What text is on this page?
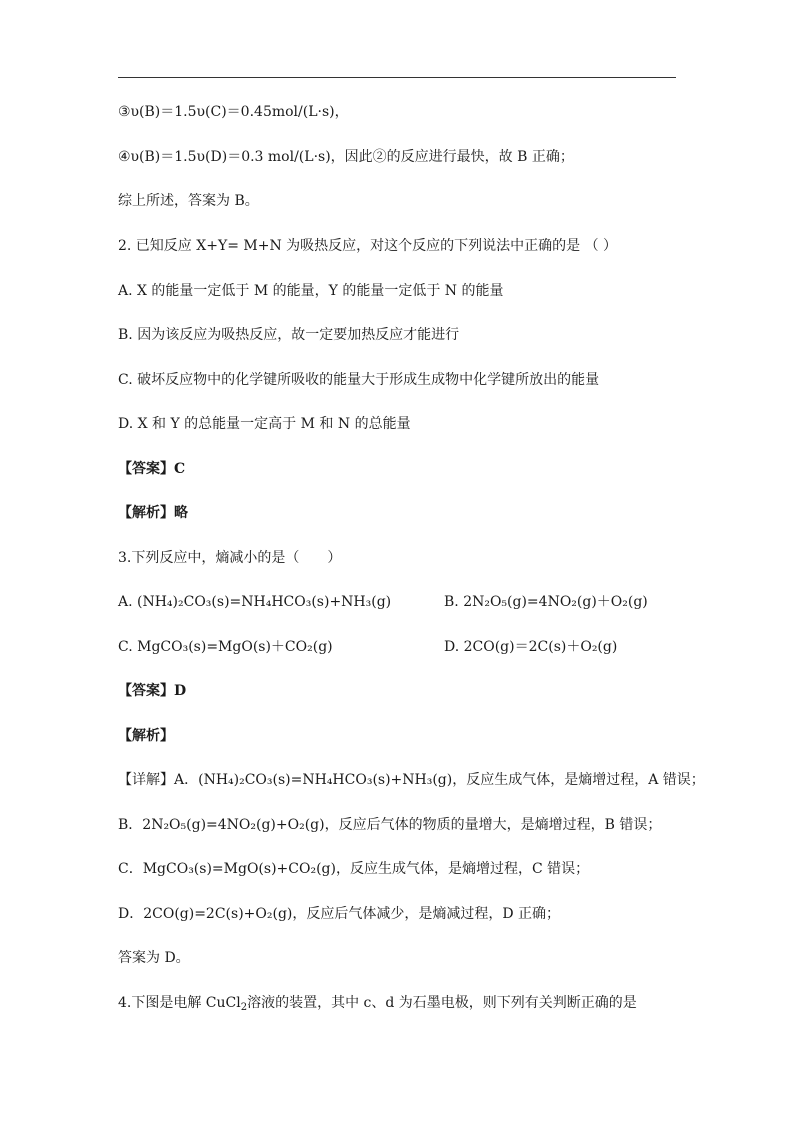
③υ(B)＝1.5υ(C)＝0.45mol/(L·s)，
④υ(B)＝1.5υ(D)＝0.3 mol/(L·s)，因此②的反应进行最快，故 B 正确；
综上所述，答案为 B。
2. 已知反应 X+Y= M+N 为吸热反应，对这个反应的下列说法中正确的是 （ ）
A. X 的能量一定低于 M 的能量，Y 的能量一定低于 N 的能量
B. 因为该反应为吸热反应，故一定要加热反应才能进行
C. 破坏反应物中的化学键所吸收的能量大于形成生成物中化学键所放出的能量
D. X 和 Y 的总能量一定高于 M 和 N 的总能量
【答案】C
【解析】略
3.下列反应中，熵减小的是（　　）
A. (NH₄)₂CO₃(s)=NH₄HCO₃(s)+NH₃(g)	B. 2N₂O₅(g)=4NO₂(g)＋O₂(g)
C. MgCO₃(s)=MgO(s)＋CO₂(g)	D. 2CO(g)＝2C(s)＋O₂(g)
【答案】D
【解析】
【详解】A．(NH₄)₂CO₃(s)=NH₄HCO₃(s)+NH₃(g)，反应生成气体，是熵增过程，A 错误；
B．2N₂O₅(g)=4NO₂(g)+O₂(g)，反应后气体的物质的量增大，是熵增过程，B 错误；
C．MgCO₃(s)=MgO(s)+CO₂(g)，反应生成气体，是熵增过程，C 错误；
D．2CO(g)=2C(s)+O₂(g)，反应后气体减少，是熵减过程，D 正确；
答案为 D。
4.下图是电解 CuCl$_2$溶液的装置，其中 c、d 为石墨电极，则下列有关判断正确的是
